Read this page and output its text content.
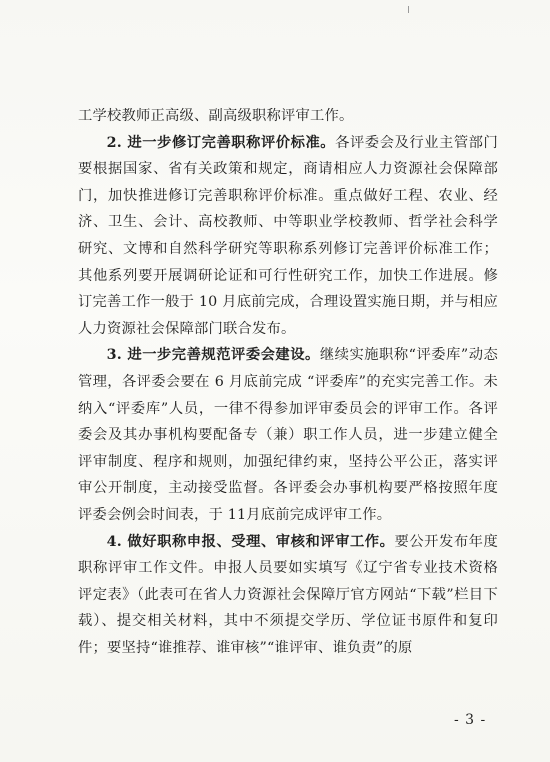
工学校教师正高级、副高级职称评审工作。

2. 进一步修订完善职称评价标准。各评委会及行业主管部门要根据国家、省有关政策和规定，商请相应人力资源社会保障部门，加快推进修订完善职称评价标准。重点做好工程、农业、经济、卫生、会计、高校教师、中等职业学校教师、哲学社会科学研究、文博和自然科学研究等职称系列修订完善评价标准工作；其他系列要开展调研论证和可行性研究工作，加快工作进展。修订完善工作一般于 10 月底前完成，合理设置实施日期，并与相应人力资源社会保障部门联合发布。

3. 进一步完善规范评委会建设。继续实施职称“评委库”动态管理，各评委会要在 6 月底前完成 “评委库”的充实完善工作。未纳入“评委库”人员，一律不得参加评审委员会的评审工作。各评委会及其办事机构要配备专（兼）职工作人员，进一步建立健全评审制度、程序和规则，加强纪律约束，坚持公平公正，落实评审公开制度，主动接受监督。各评委会办事机构要严格按照年度评委会例会时间表，于 11月底前完成评审工作。

4. 做好职称申报、受理、审核和评审工作。要公开发布年度职称评审工作文件。申报人员要如实填写《辽宁省专业技术资格评定表》（此表可在省人力资源社会保障厅官方网站“下载”栏目下载）、提交相关材料，其中不须提交学历、学位证书原件和复印件；要坚持“谁推荐、谁审核”“谁评审、谁负责”的原

- 3 -
